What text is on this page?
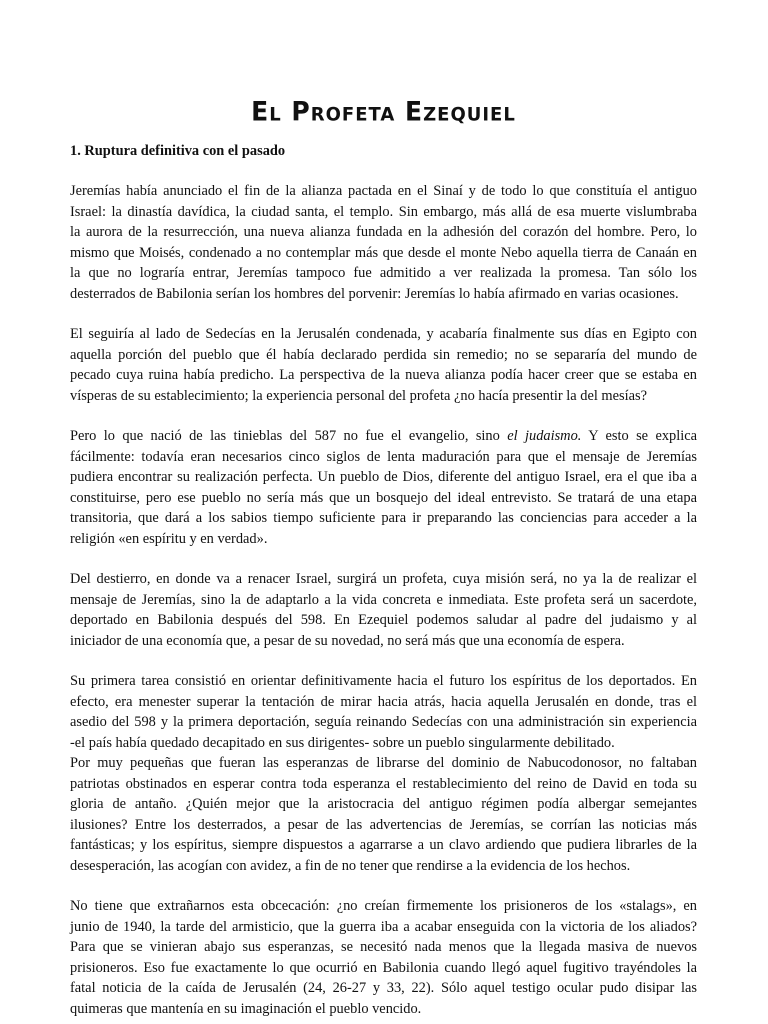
El Profeta Ezequiel

1. Ruptura definitiva con el pasado

Jeremías había anunciado el fin de la alianza pactada en el Sinaí y de todo lo que constituía el antiguo
Israel: la dinastía davídica, la ciudad santa, el templo. Sin embargo, más allá de esa muerte vislumbraba
la aurora de la resurrección, una nueva alianza fundada en la adhesión del corazón del hombre. Pero, lo
mismo que Moisés, condenado a no contemplar más que desde el monte Nebo aquella tierra de Canaán en
la que no lograría entrar, Jeremías tampoco fue admitido a ver realizada la promesa. Tan sólo los
desterrados de Babilonia serían los hombres del porvenir: Jeremías lo había afirmado en varias ocasiones.

El seguiría al lado de Sedecías en la Jerusalén condenada, y acabaría finalmente sus días en Egipto con
aquella porción del pueblo que él había declarado perdida sin remedio; no se separaría del mundo de
pecado cuya ruina había predicho. La perspectiva de la nueva alianza podía hacer creer que se estaba en
vísperas de su establecimiento; la experiencia personal del profeta ¿no hacía presentir la del mesías?

Pero lo que nació de las tinieblas del 587 no fue el evangelio, sino el judaismo. Y esto se explica
fácilmente: todavía eran necesarios cinco siglos de lenta maduración para que el mensaje de Jeremías
pudiera encontrar su realización perfecta. Un pueblo de Dios, diferente del antiguo Israel, era el que iba a
constituirse, pero ese pueblo no sería más que un bosquejo del ideal entrevisto. Se tratará de una etapa
transitoria, que dará a los sabios tiempo suficiente para ir preparando las conciencias para acceder a la
religión «en espíritu y en verdad».

Del destierro, en donde va a renacer Israel, surgirá un profeta, cuya misión será, no ya la de realizar el
mensaje de Jeremías, sino la de adaptarlo a la vida concreta e inmediata. Este profeta será un sacerdote,
deportado en Babilonia después del 598. En Ezequiel podemos saludar al padre del judaismo y al
iniciador de una economía que, a pesar de su novedad, no será más que una economía de espera.

Su primera tarea consistió en orientar definitivamente hacia el futuro los espíritus de los deportados. En
efecto, era menester superar la tentación de mirar hacia atrás, hacia aquella Jerusalén en donde, tras el
asedio del 598 y la primera deportación, seguía reinando Sedecías con una administración sin experiencia
-el país había quedado decapitado en sus dirigentes- sobre un pueblo singularmente debilitado.

Por muy pequeñas que fueran las esperanzas de librarse del dominio de Nabucodonosor, no faltaban
patriotas obstinados en esperar contra toda esperanza el restablecimiento del reino de David en toda su
gloria de antaño. ¿Quién mejor que la aristocracia del antiguo régimen podía albergar semejantes
ilusiones? Entre los desterrados, a pesar de las advertencias de Jeremías, se corrían las noticias más
fantásticas; y los espíritus, siempre dispuestos a agarrarse a un clavo ardiendo que pudiera librarles de la
desesperación, las acogían con avidez, a fin de no tener que rendirse a la evidencia de los hechos.

No tiene que extrañarnos esta obcecación: ¿no creían firmemente los prisioneros de los «stalags», en
junio de 1940, la tarde del armisticio, que la guerra iba a acabar enseguida con la victoria de los aliados?
Para que se vinieran abajo sus esperanzas, se necesitó nada menos que la llegada masiva de nuevos
prisioneros. Eso fue exactamente lo que ocurrió en Babilonia cuando llegó aquel fugitivo trayéndoles la
fatal noticia de la caída de Jerusalén (24, 26-27 y 33, 22). Sólo aquel testigo ocular pudo disipar las
quimeras que mantenía en su imaginación el pueblo vencido.
